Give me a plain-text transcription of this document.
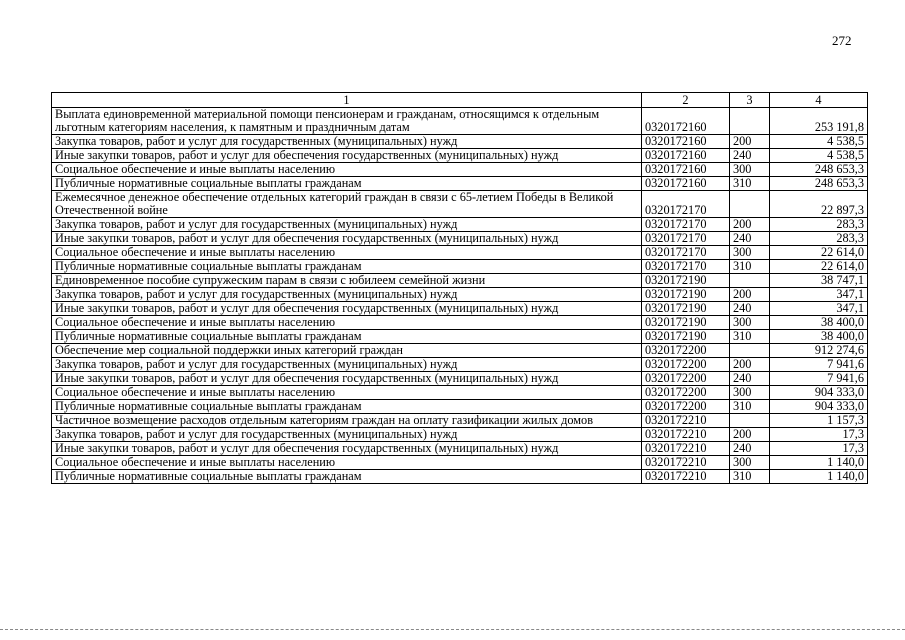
272
1	2	3	4
Выплата единовременной материальной помощи пенсионерам и гражданам, относящимся к отдельным льготным категориям населения, к памятным и праздничным датам	0320172160		253 191,8
Закупка товаров, работ и услуг для государственных (муниципальных) нужд	0320172160	200	4 538,5
Иные закупки товаров, работ и услуг для обеспечения государственных (муниципальных) нужд	0320172160	240	4 538,5
Социальное обеспечение и иные выплаты населению	0320172160	300	248 653,3
Публичные нормативные социальные выплаты гражданам	0320172160	310	248 653,3
Ежемесячное денежное обеспечение отдельных категорий граждан в связи с 65-летием Победы в Великой Отечественной войне	0320172170		22 897,3
Закупка товаров, работ и услуг для государственных (муниципальных) нужд	0320172170	200	283,3
Иные закупки товаров, работ и услуг для обеспечения государственных (муниципальных) нужд	0320172170	240	283,3
Социальное обеспечение и иные выплаты населению	0320172170	300	22 614,0
Публичные нормативные социальные выплаты гражданам	0320172170	310	22 614,0
Единовременное пособие супружеским парам в связи с юбилеем семейной жизни	0320172190		38 747,1
Закупка товаров, работ и услуг для государственных (муниципальных) нужд	0320172190	200	347,1
Иные закупки товаров, работ и услуг для обеспечения государственных (муниципальных) нужд	0320172190	240	347,1
Социальное обеспечение и иные выплаты населению	0320172190	300	38 400,0
Публичные нормативные социальные выплаты гражданам	0320172190	310	38 400,0
Обеспечение мер социальной поддержки иных категорий граждан	0320172200		912 274,6
Закупка товаров, работ и услуг для государственных (муниципальных) нужд	0320172200	200	7 941,6
Иные закупки товаров, работ и услуг для обеспечения государственных (муниципальных) нужд	0320172200	240	7 941,6
Социальное обеспечение и иные выплаты населению	0320172200	300	904 333,0
Публичные нормативные социальные выплаты гражданам	0320172200	310	904 333,0
Частичное возмещение расходов отдельным категориям граждан на оплату газификации жилых домов	0320172210		1 157,3
Закупка товаров, работ и услуг для государственных (муниципальных) нужд	0320172210	200	17,3
Иные закупки товаров, работ и услуг для обеспечения государственных (муниципальных) нужд	0320172210	240	17,3
Социальное обеспечение и иные выплаты населению	0320172210	300	1 140,0
Публичные нормативные социальные выплаты гражданам	0320172210	310	1 140,0
